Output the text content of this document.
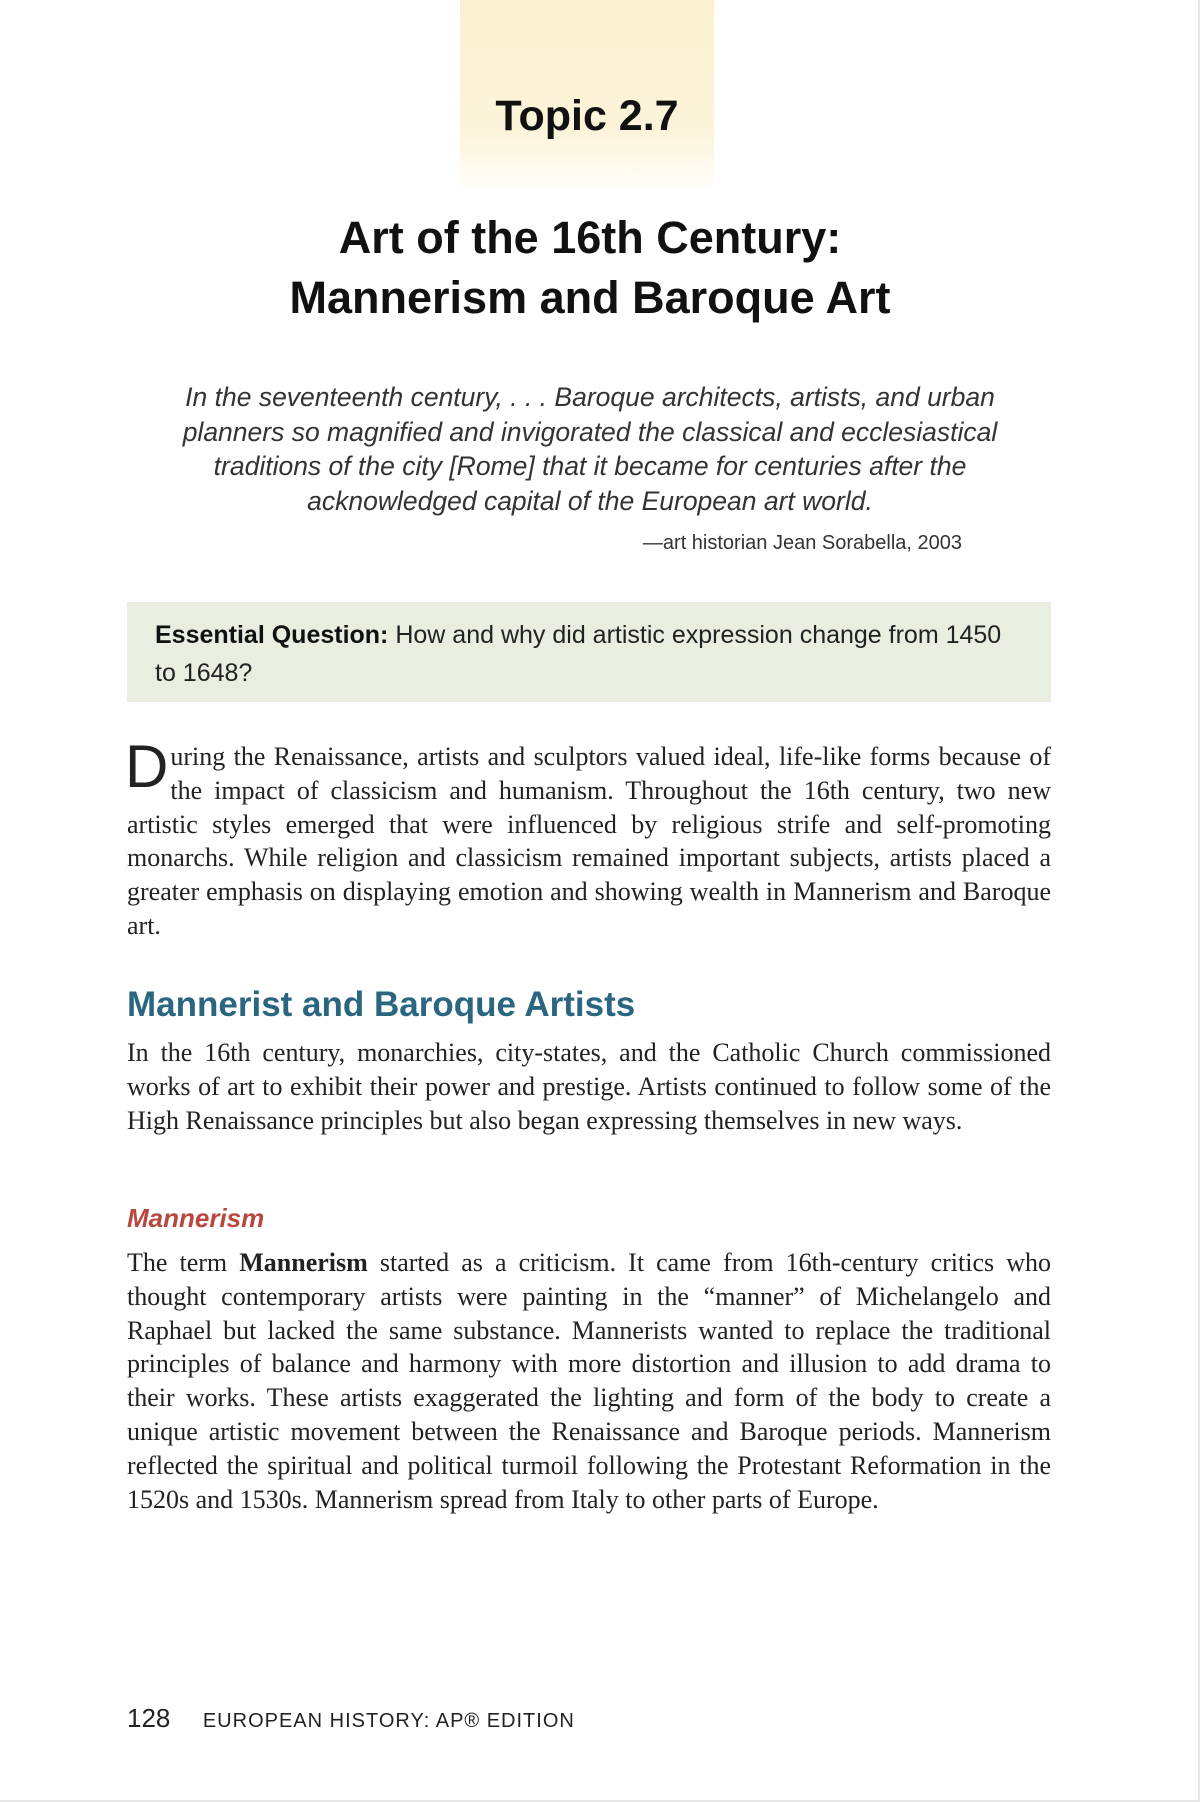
Topic 2.7
Art of the 16th Century:
Mannerism and Baroque Art

In the seventeenth century, . . . Baroque architects, artists, and urban planners so magnified and invigorated the classical and ecclesiastical traditions of the city [Rome] that it became for centuries after the acknowledged capital of the European art world.

—art historian Jean Sorabella, 2003
Essential Question: How and why did artistic expression change from 1450 to 1648?

During the Renaissance, artists and sculptors valued ideal, life-like forms because of the impact of classicism and humanism. Throughout the 16th century, two new artistic styles emerged that were influenced by religious strife and self-promoting monarchs. While religion and classicism remained important subjects, artists placed a greater emphasis on displaying emotion and showing wealth in Mannerism and Baroque art.

Mannerist and Baroque Artists

In the 16th century, monarchies, city-states, and the Catholic Church commissioned works of art to exhibit their power and prestige. Artists continued to follow some of the High Renaissance principles but also began expressing themselves in new ways.

Mannerism

The term Mannerism started as a criticism. It came from 16th-century critics who thought contemporary artists were painting in the “manner” of Michelangelo and Raphael but lacked the same substance. Mannerists wanted to replace the traditional principles of balance and harmony with more distortion and illusion to add drama to their works. These artists exaggerated the lighting and form of the body to create a unique artistic movement between the Renaissance and Baroque periods. Mannerism reflected the spiritual and political turmoil following the Protestant Reformation in the 1520s and 1530s. Mannerism spread from Italy to other parts of Europe.

128 EUROPEAN HISTORY: AP® EDITION
